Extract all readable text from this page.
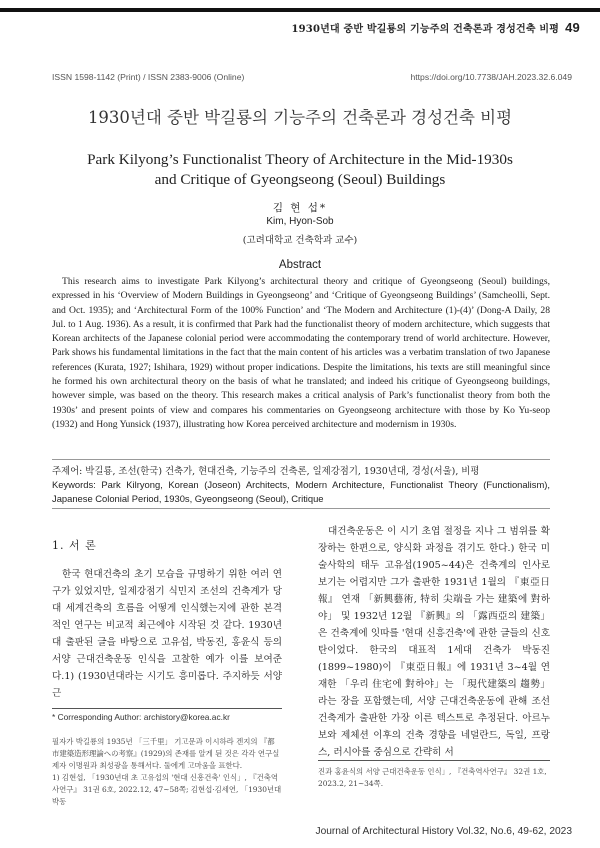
1930년대 중반 박길룡의 기능주의 건축론과 경성건축 비평 49
ISSN 1598-1142 (Print) / ISSN 2383-9006 (Online)	https://doi.org/10.7738/JAH.2023.32.6.049
1930년대 중반 박길룡의 기능주의 건축론과 경성건축 비평
Park Kilyong’s Functionalist Theory of Architecture in the Mid-1930s
and Critique of Gyeongseong (Seoul) Buildings
김 현 섭*
Kim, Hyon-Sob
(고려대학교 건축학과 교수)
Abstract

This research aims to investigate Park Kilyong’s architectural theory and critique of Gyeongseong (Seoul) buildings, expressed in his ‘Overview of Modern Buildings in Gyeongseong’ and ‘Critique of Gyeongseong Buildings’ (Samcheolli, Sept. and Oct. 1935); and ‘Architectural Form of the 100% Function’ and ‘The Modern and Architecture (1)-(4)’ (Dong-A Daily, 28 Jul. to 1 Aug. 1936). As a result, it is confirmed that Park had the functionalist theory of modern architecture, which suggests that Korean architects of the Japanese colonial period were accommodating the contemporary trend of world architecture. However, Park shows his fundamental limitations in the fact that the main content of his articles was a verbatim translation of two Japanese references (Kurata, 1927; Ishihara, 1929) without proper indications. Despite the limitations, his texts are still meaningful since he formed his own architectural theory on the basis of what he translated; and indeed his critique of Gyeongseong buildings, however simple, was based on the theory. This research makes a critical analysis of Park’s functionalist theory from both the 1930s’ and present points of view and compares his commentaries on Gyeongseong architecture with those by Ko Yu-seop (1932) and Hong Yunsick (1937), illustrating how Korea perceived architecture and modernism in 1930s.

주제어: 박길룡, 조선(한국) 건축가, 현대건축, 기능주의 건축론, 일제강점기, 1930년대, 경성(서울), 비평
Keywords: Park Kilryong, Korean (Joseon) Architects, Modern Architecture, Functionalist Theory (Functionalism), Japanese Colonial Period, 1930s, Gyeongseong (Seoul), Critique
1. 서 론

한국 현대건축의 초기 모습을 규명하기 위한 여러 연구가 있었지만, 일제강점기 식민지 조선의 건축계가 당대 세계건축의 흐름을 어떻게 인식했는지에 관한 본격적인 연구는 비교적 최근에야 시작된 것 같다. 1930년대 출판된 글을 바탕으로 고유섭, 박동진, 홍윤식 등의 서양 근대건축운동 인식을 고찰한 예가 이를 보여준다.1) (1930년대라는 시기도 흥미롭다. 주지하듯 서양 근

대건축운동은 이 시기 초엽 절정을 지나 그 범위를 확장하는 한편으로, 양식화 과정을 겪기도 한다.) 한국 미술사학의 태두 고유섭(1905~44)은 건축계의 인사로 보기는 어렵지만 그가 출판한 1931년 1월의 『東亞日報』 연재 「新興藝術, 特히 尖端을 가는 建築에 對하야」 및 1932년 12월 『新興』의 「露西亞의 建築」은 건축계에 잇따를 '현대 신흥건축'에 관한 글들의 신호탄이었다. 한국의 대표적 1세대 건축가 박동진(1899~1980)이 『東亞日報』에 1931년 3~4월 연재한 「우리 住宅에 對하야」는 「現代建築의 趨勢」라는 장을 포함했는데, 서양 근대건축운동에 관해 조선 건축계가 출판한 가장 이른 텍스트로 추정된다. 아르누보와 제체션 이후의 건축 경향을 네덜란드, 독일, 프랑스, 러시아를 중심으로 간략히 서

* Corresponding Author: archistory@korea.ac.kr

필자가 박길룡의 1935년 「三千里」 기고문과 이시하라 겐지의 『都市建築造形理論への考察』(1929)의 존재를 알게 된 것은 각각 연구실 제자 이명원과 최성광을 통해서다. 둘에게 고마움을 표한다.

1) 김현섭, 「1930년대 초 고유섭의 '현대 신흥건축' 인식」, 『건축역사연구』 31권 6호, 2022.12, 47~58쪽; 김현섭·김세연, 「1930년대 박동

진과 홍윤식의 서양 근대건축운동 인식」, 『건축역사연구』 32권 1호, 2023.2, 21~34쪽.

Journal of Architectural History Vol.32, No.6, 49-62, 2023
